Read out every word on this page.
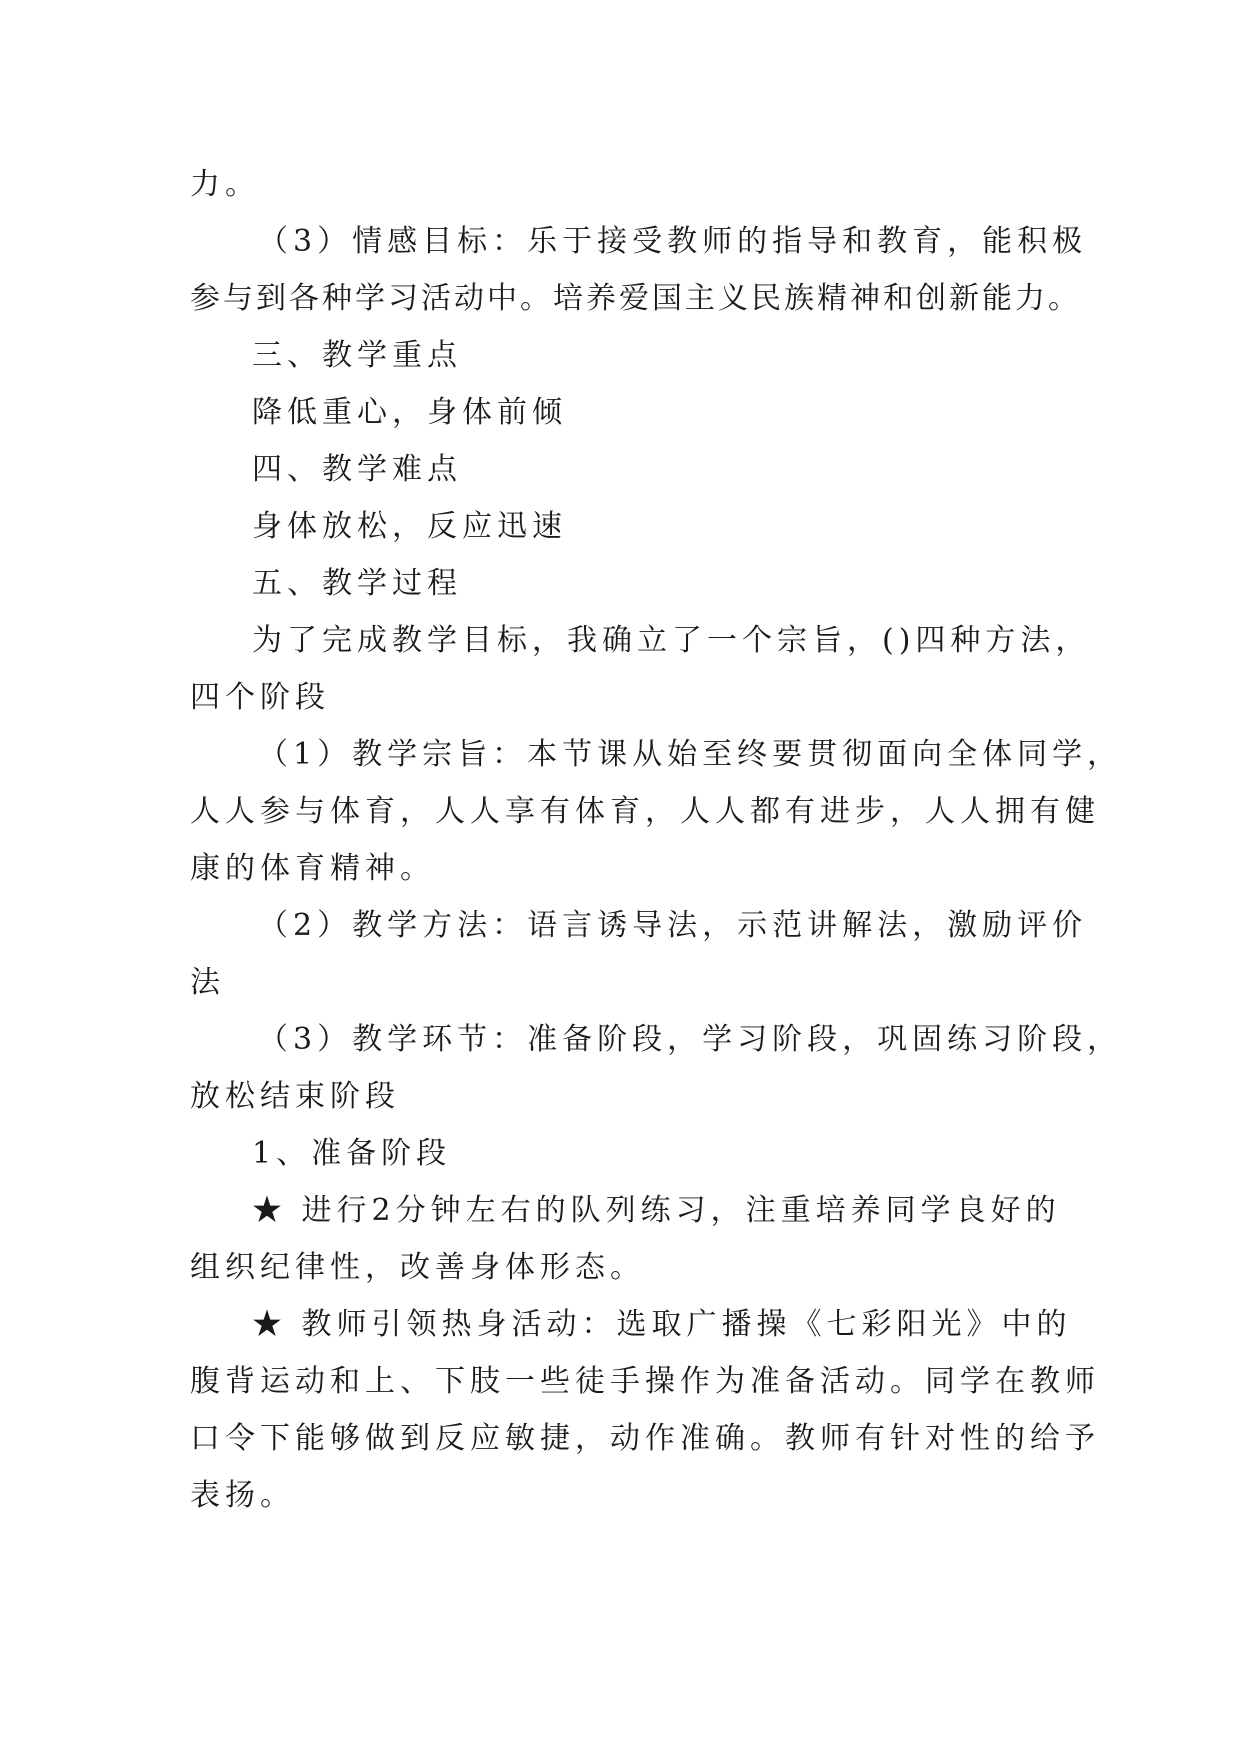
力。
（3）情感目标：乐于接受教师的指导和教育，能积极
参与到各种学习活动中。培养爱国主义民族精神和创新能力。
三、教学重点
降低重心，身体前倾
四、教学难点
身体放松，反应迅速
五、教学过程
为了完成教学目标，我确立了一个宗旨，()四种方法，
四个阶段
（1）教学宗旨：本节课从始至终要贯彻面向全体同学，
人人参与体育，人人享有体育，人人都有进步，人人拥有健
康的体育精神。
（2）教学方法：语言诱导法，示范讲解法，激励评价
法
（3）教学环节：准备阶段，学习阶段，巩固练习阶段，
放松结束阶段
1、准备阶段
★ 进行2分钟左右的队列练习，注重培养同学良好的
组织纪律性，改善身体形态。
★ 教师引领热身活动：选取广播操《七彩阳光》中的
腹背运动和上、下肢一些徒手操作为准备活动。同学在教师
口令下能够做到反应敏捷，动作准确。教师有针对性的给予
表扬。
